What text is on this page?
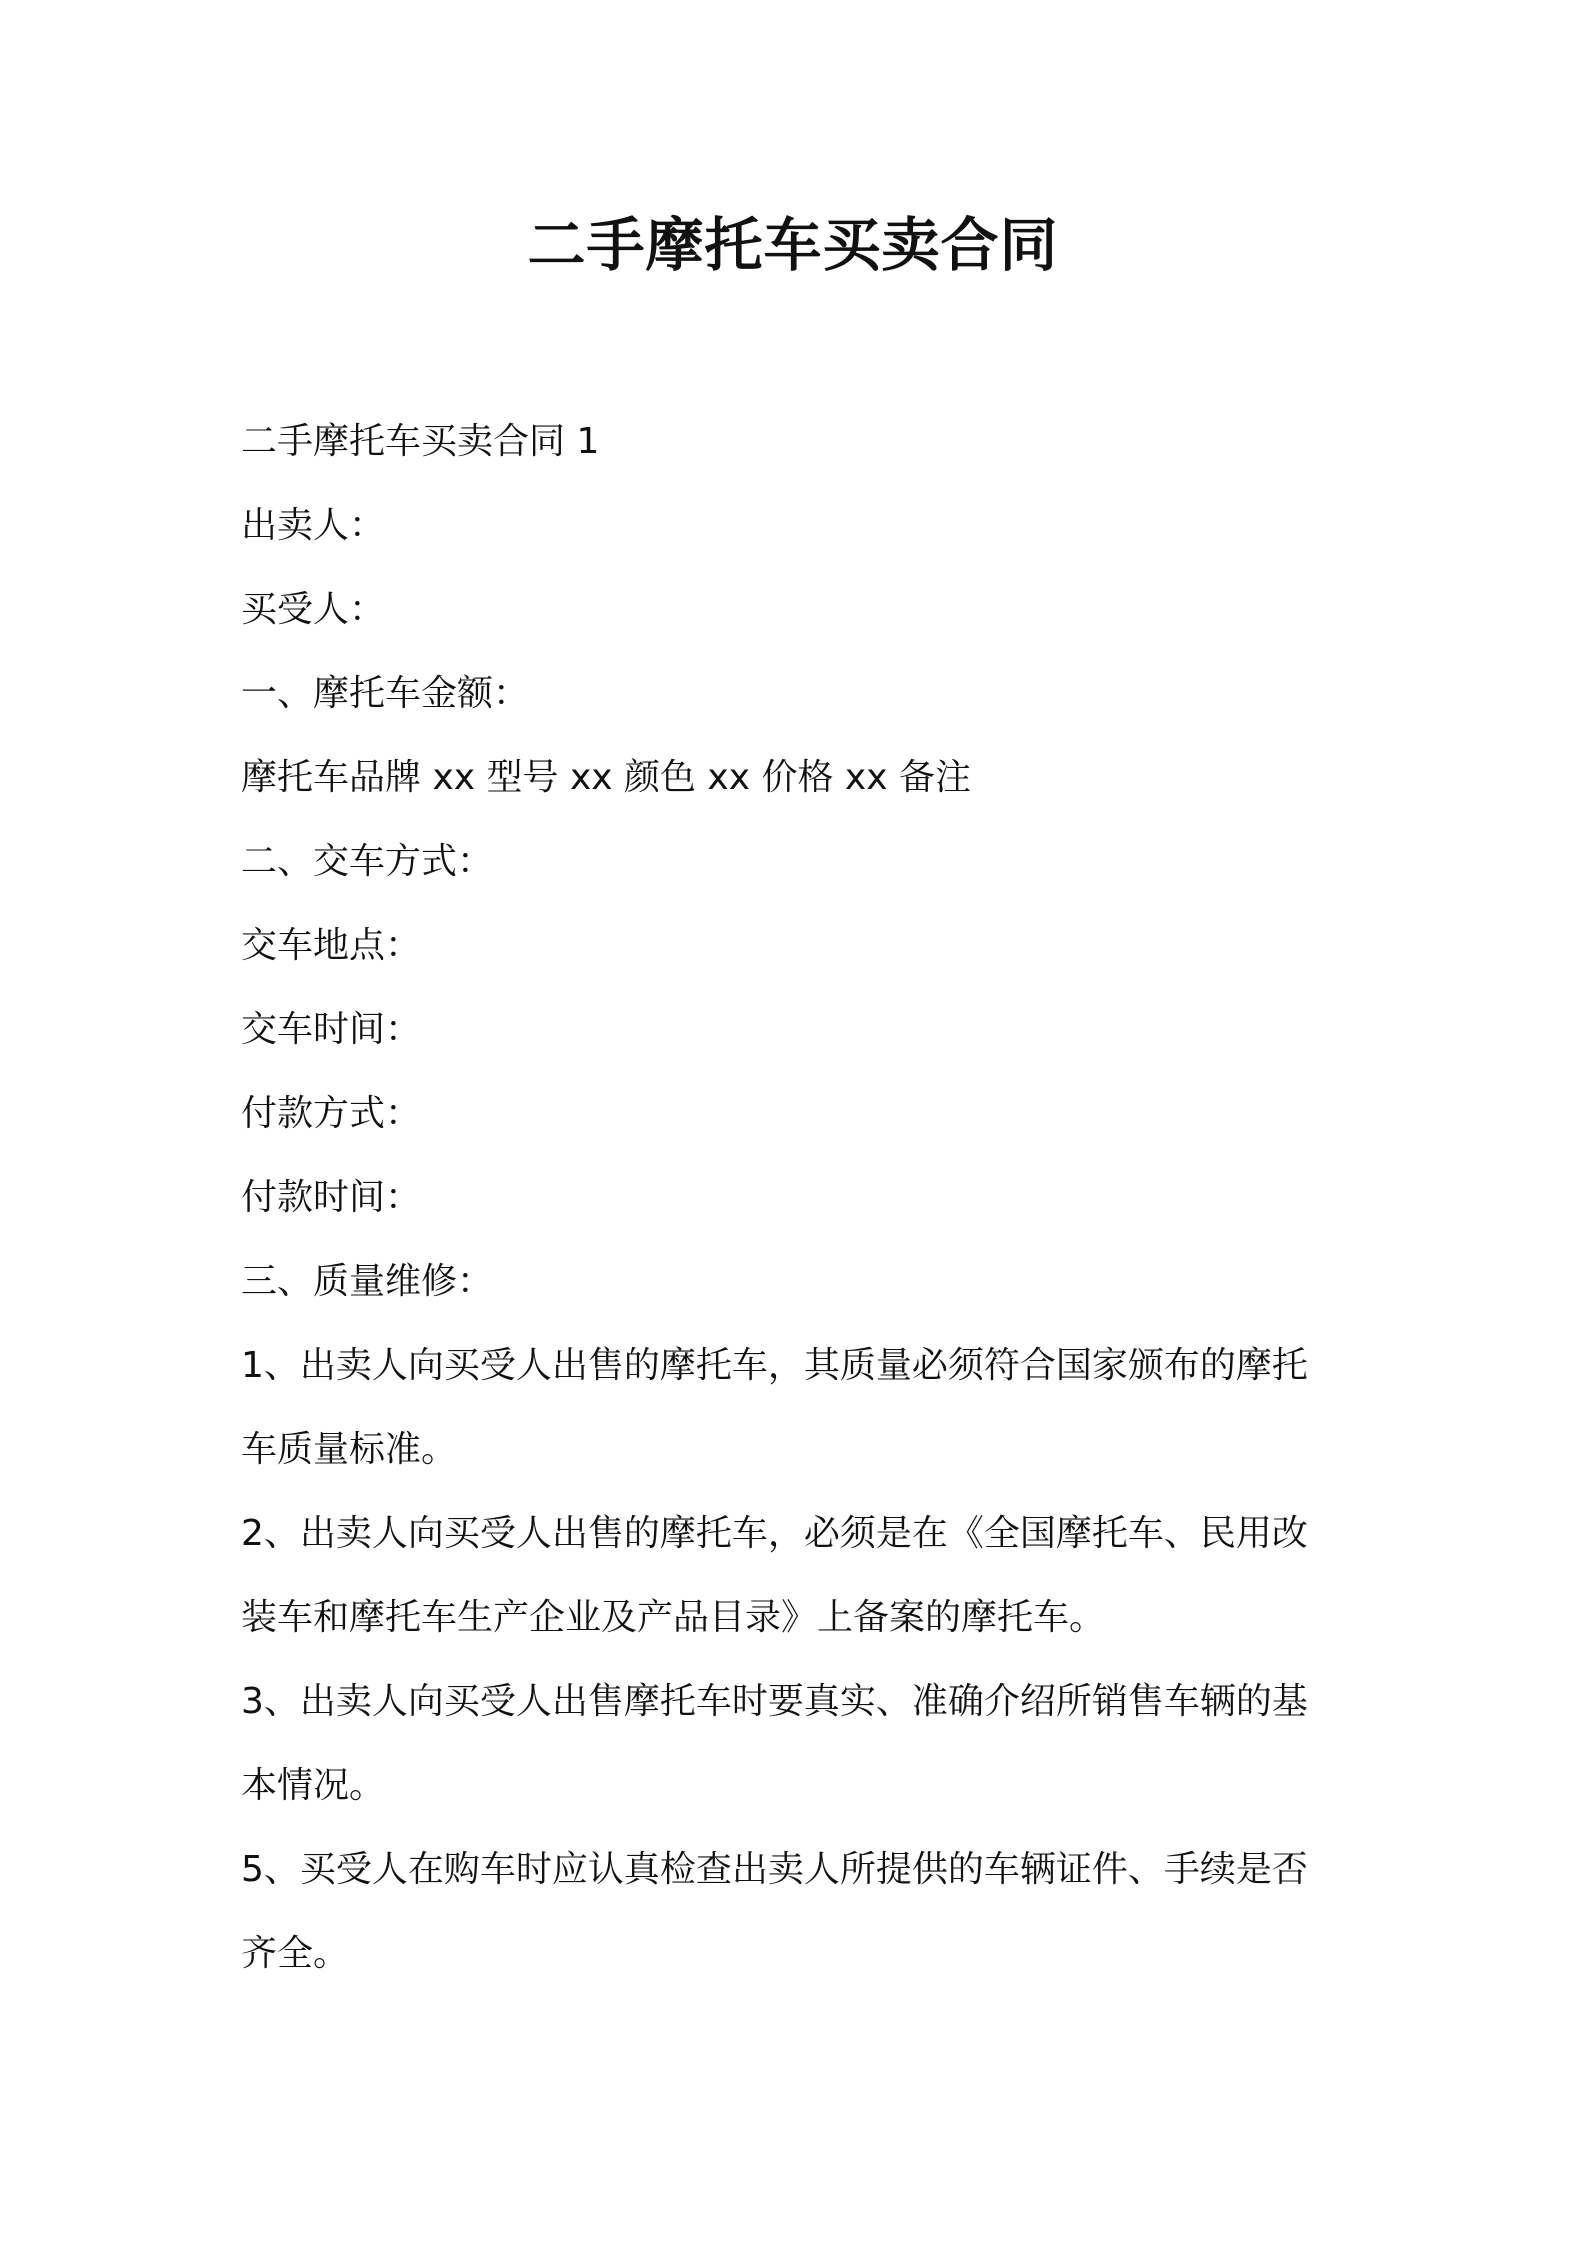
二手摩托车买卖合同

二手摩托车买卖合同 1

出卖人：

买受人：

一、摩托车金额：

摩托车品牌 xx 型号 xx 颜色 xx 价格 xx 备注

二、交车方式：

交车地点：

交车时间：

付款方式：

付款时间：

三、质量维修：

1、出卖人向买受人出售的摩托车，其质量必须符合国家颁布的摩托

车质量标准。

2、出卖人向买受人出售的摩托车，必须是在《全国摩托车、民用改

装车和摩托车生产企业及产品目录》上备案的摩托车。

3、出卖人向买受人出售摩托车时要真实、准确介绍所销售车辆的基

本情况。

5、买受人在购车时应认真检查出卖人所提供的车辆证件、手续是否

齐全。
